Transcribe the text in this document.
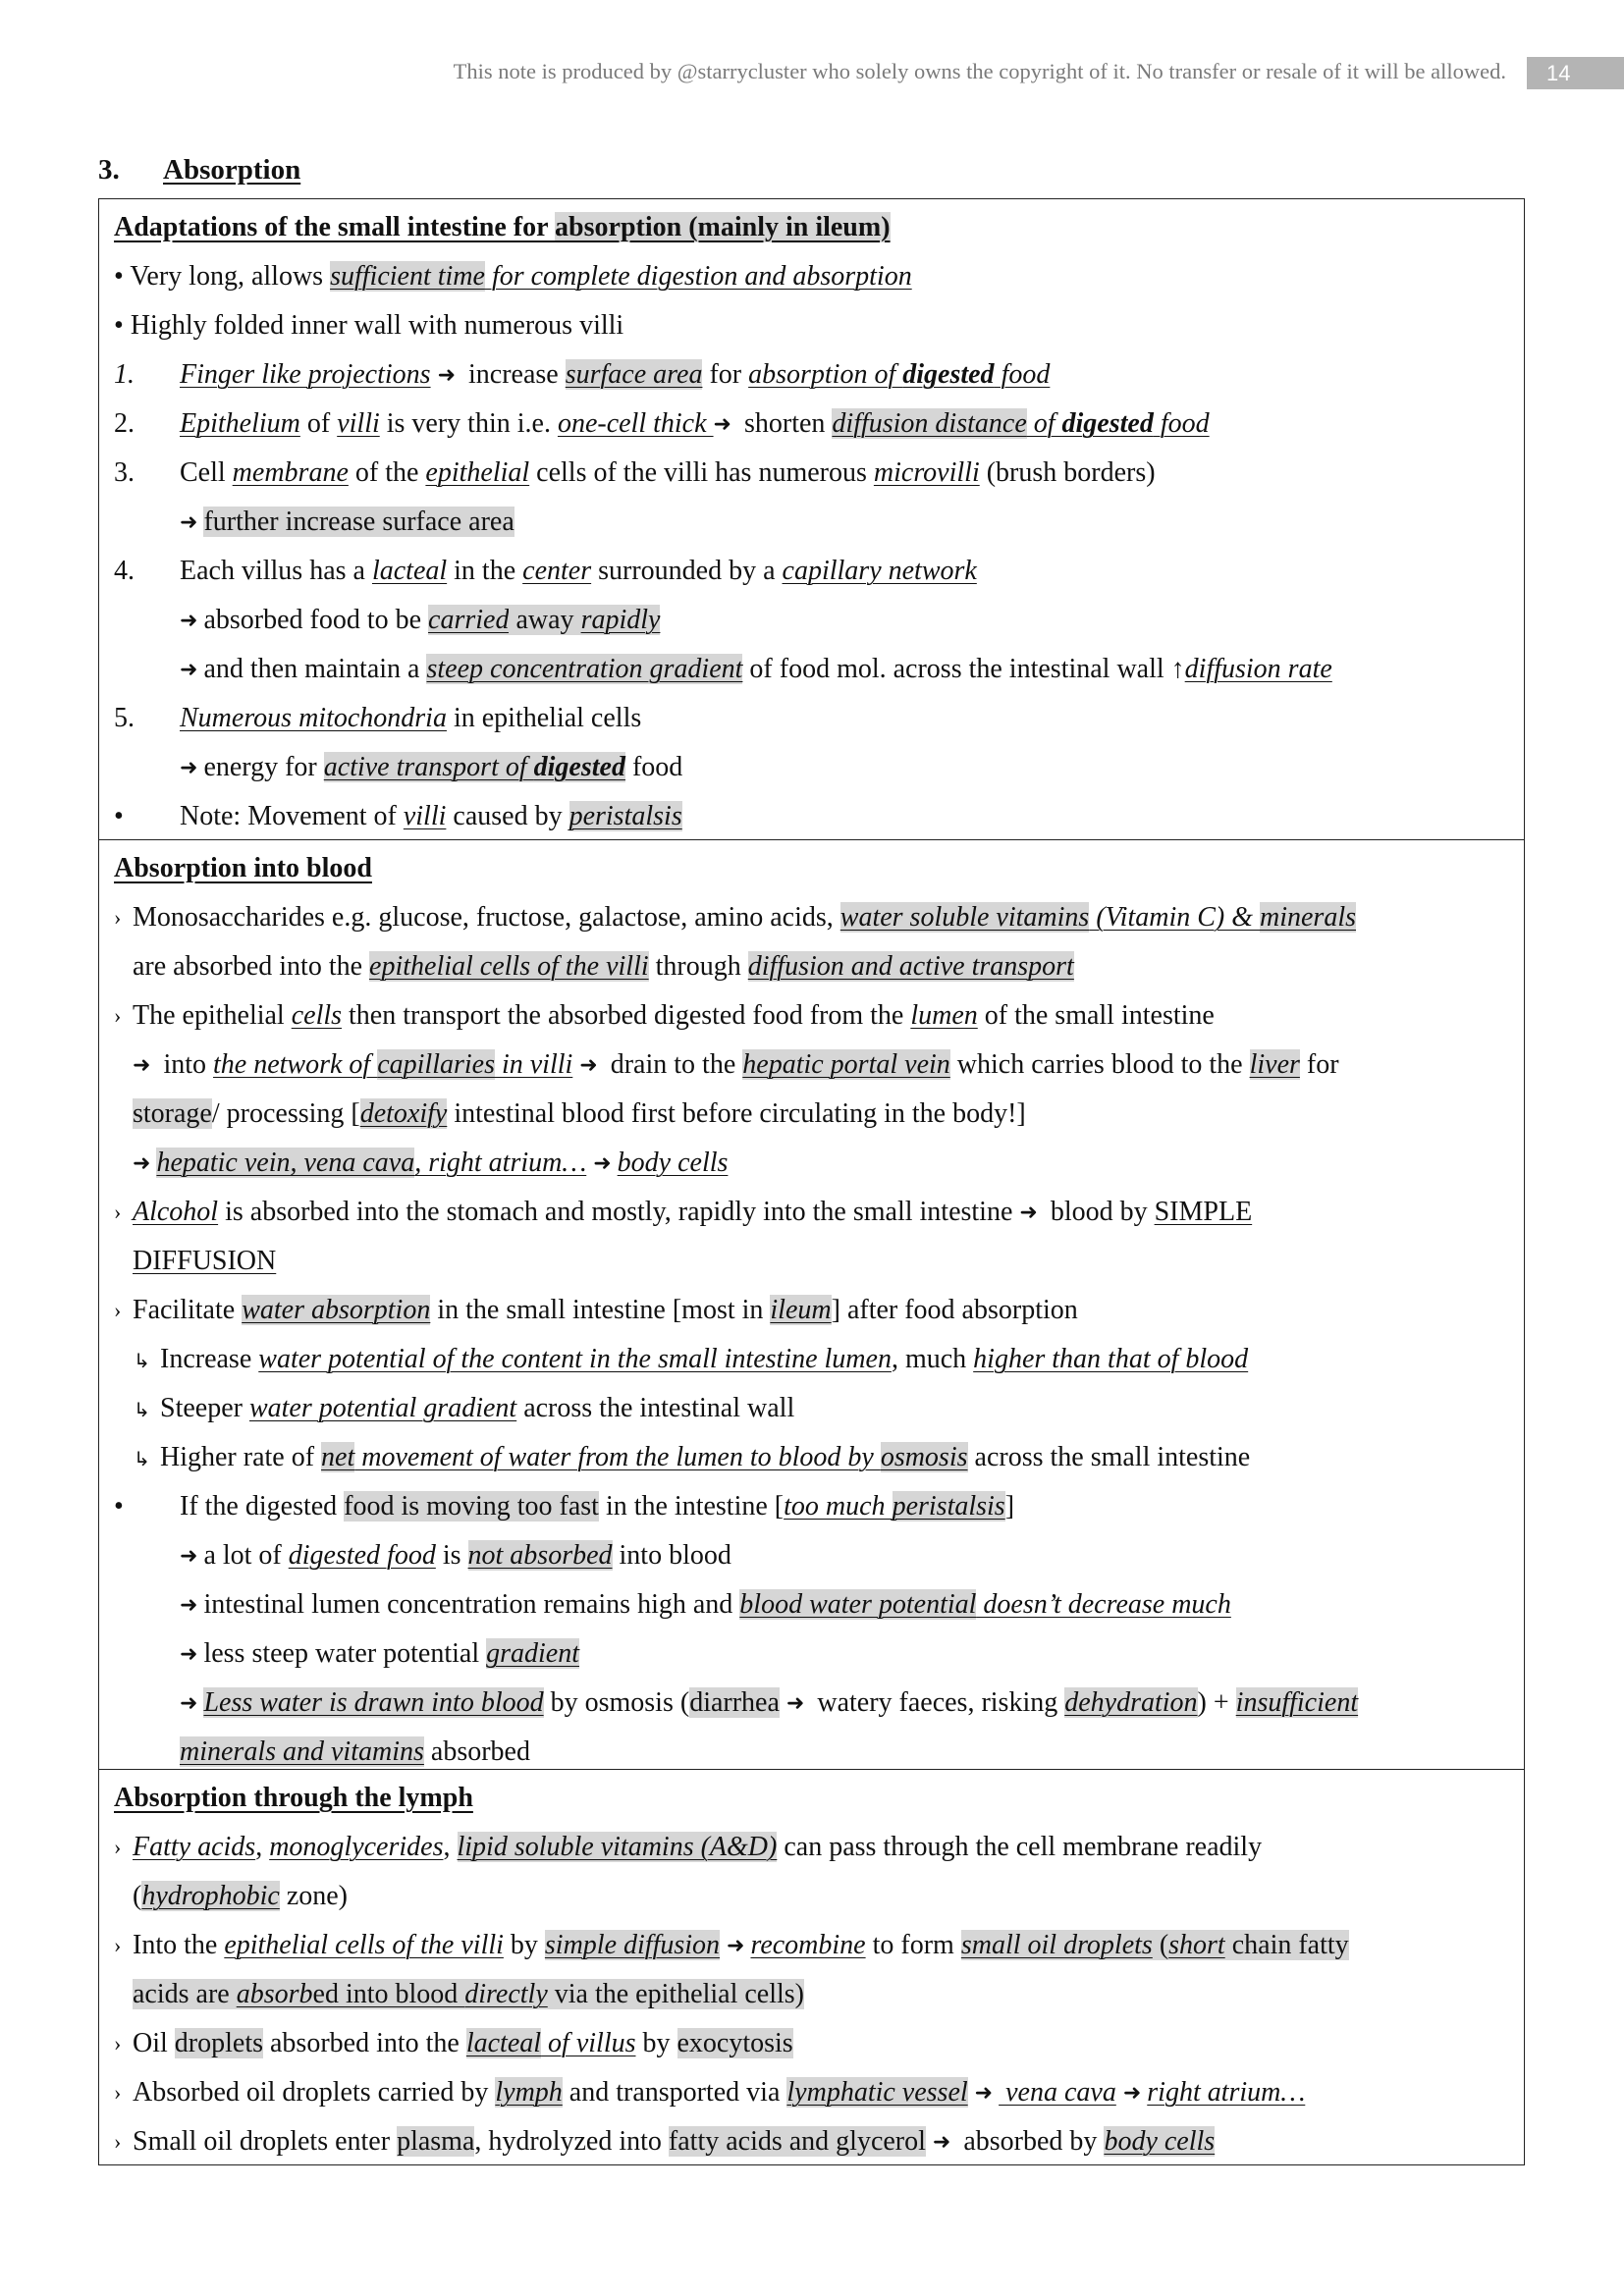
This note is produced by @starrycluster who solely owns the copyright of it. No transfer or resale of it will be allowed.	14
3. Absorption
Adaptations of the small intestine for absorption (mainly in ileum)
• Very long, allows sufficient time for complete digestion and absorption
• Highly folded inner wall with numerous villi
1. Finger like projections ➜ increase surface area for absorption of digested food
2. Epithelium of villi is very thin i.e. one-cell thick ➜ shorten diffusion distance of digested food
3. Cell membrane of the epithelial cells of the villi has numerous microvilli (brush borders)
➜ further increase surface area
4. Each villus has a lacteal in the center surrounded by a capillary network
➜ absorbed food to be carried away rapidly
➜ and then maintain a steep concentration gradient of food mol. across the intestinal wall ↑diffusion rate
5. Numerous mitochondria in epithelial cells
➜ energy for active transport of digested food
• Note: Movement of villi caused by peristalsis
Absorption into blood
› Monosaccharides e.g. glucose, fructose, galactose, amino acids, water soluble vitamins (Vitamin C) & minerals
are absorbed into the epithelial cells of the villi through diffusion and active transport
› The epithelial cells then transport the absorbed digested food from the lumen of the small intestine
➜ into the network of capillaries in villi ➜ drain to the hepatic portal vein which carries blood to the liver for
storage/ processing [detoxify intestinal blood first before circulating in the body!]
➜ hepatic vein, vena cava, right atrium… ➜ body cells
› Alcohol is absorbed into the stomach and mostly, rapidly into the small intestine ➜ blood by SIMPLE
DIFFUSION
› Facilitate water absorption in the small intestine [most in ileum] after food absorption
↳ Increase water potential of the content in the small intestine lumen, much higher than that of blood
↳ Steeper water potential gradient across the intestinal wall
↳ Higher rate of net movement of water from the lumen to blood by osmosis across the small intestine
• If the digested food is moving too fast in the intestine [too much peristalsis]
➜ a lot of digested food is not absorbed into blood
➜ intestinal lumen concentration remains high and blood water potential doesn’t decrease much
➜ less steep water potential gradient
➜ Less water is drawn into blood by osmosis (diarrhea ➜ watery faeces, risking dehydration) + insufficient
minerals and vitamins absorbed
Absorption through the lymph
› Fatty acids, monoglycerides, lipid soluble vitamins (A&D) can pass through the cell membrane readily
(hydrophobic zone)
› Into the epithelial cells of the villi by simple diffusion ➜ recombine to form small oil droplets (short chain fatty
acids are absorbed into blood directly via the epithelial cells)
› Oil droplets absorbed into the lacteal of villus by exocytosis
› Absorbed oil droplets carried by lymph and transported via lymphatic vessel ➜ vena cava ➜ right atrium…
› Small oil droplets enter plasma, hydrolyzed into fatty acids and glycerol ➜ absorbed by body cells
